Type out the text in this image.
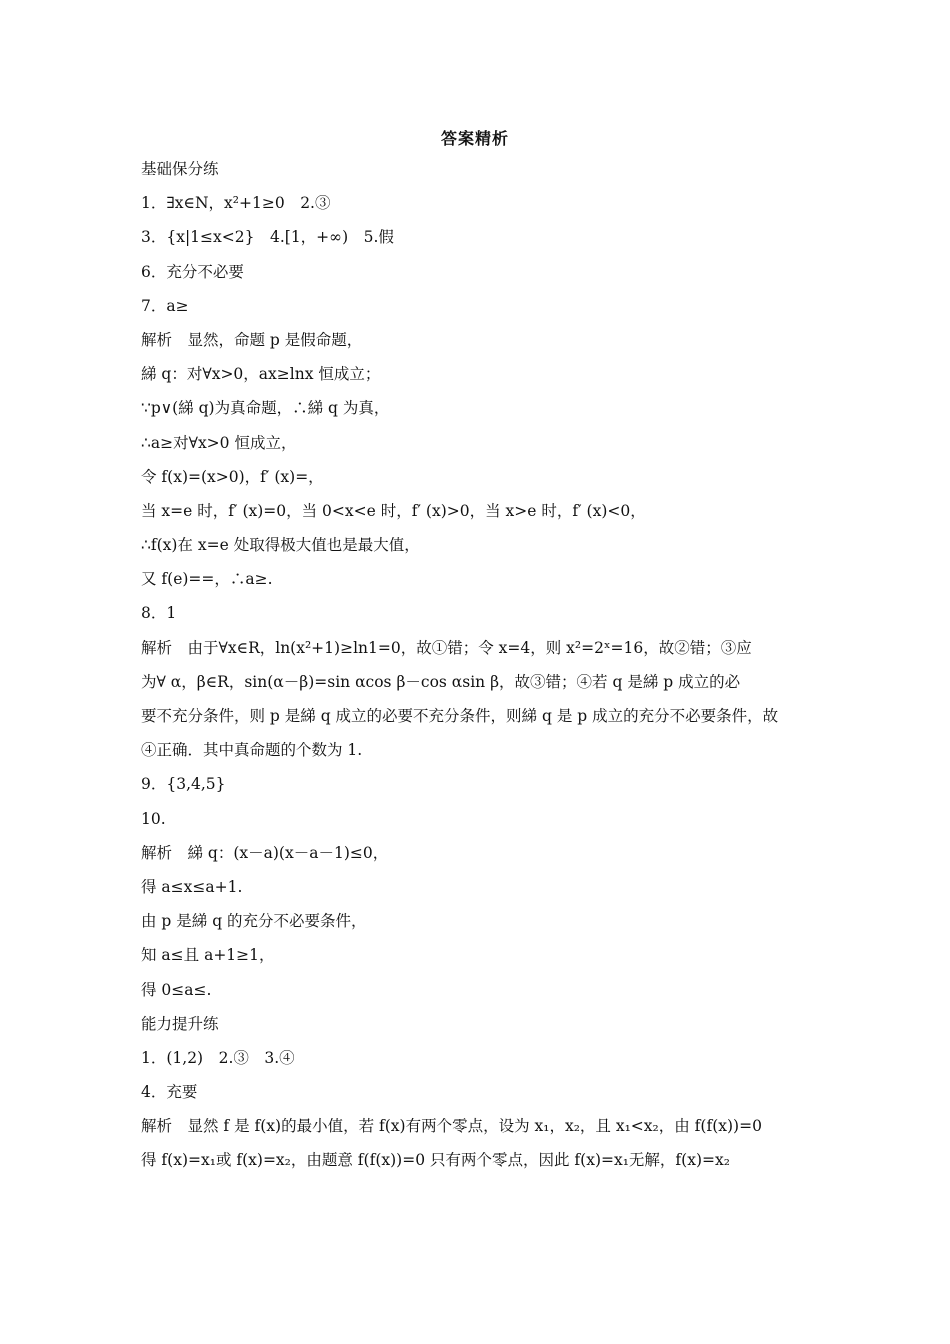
答案精析
基础保分练
1．∃x∈N，x²+1≥0　2.③
3．{x|1≤x<2}　4.[1，+∞)　5.假
6．充分不必要
7．a≥
解析　显然，命题 p 是假命题，
綈 q：对∀x>0，ax≥lnx 恒成立；
∵p∨(綈 q)为真命题，∴綈 q 为真，
∴a≥对∀x>0 恒成立，
令 f(x)=(x>0)，f′ (x)=，
当 x=e 时，f′ (x)=0，当 0<x<e 时，f′ (x)>0，当 x>e 时，f′ (x)<0，
∴f(x)在 x=e 处取得极大值也是最大值，
又 f(e)==，∴a≥.
8．1
解析　由于∀x∈R，ln(x²+1)≥ln1=0，故①错；令 x=4，则 x²=2ˣ=16，故②错；③应
为∀ α，β∈R，sin(α－β)=sin αcos β－cos αsin β，故③错；④若 q 是綈 p 成立的必
要不充分条件，则 p 是綈 q 成立的必要不充分条件，则綈 q 是 p 成立的充分不必要条件，故
④正确．其中真命题的个数为 1.
9．{3,4,5}
10.
解析　綈 q：(x－a)(x－a－1)≤0，
得 a≤x≤a+1.
由 p 是綈 q 的充分不必要条件，
知 a≤且 a+1≥1，
得 0≤a≤.
能力提升练
1．(1,2)　2.③　3.④
4．充要
解析　显然 f 是 f(x)的最小值，若 f(x)有两个零点，设为 x₁，x₂，且 x₁<x₂，由 f(f(x))=0
得 f(x)=x₁或 f(x)=x₂，由题意 f(f(x))=0 只有两个零点，因此 f(x)=x₁无解，f(x)=x₂
